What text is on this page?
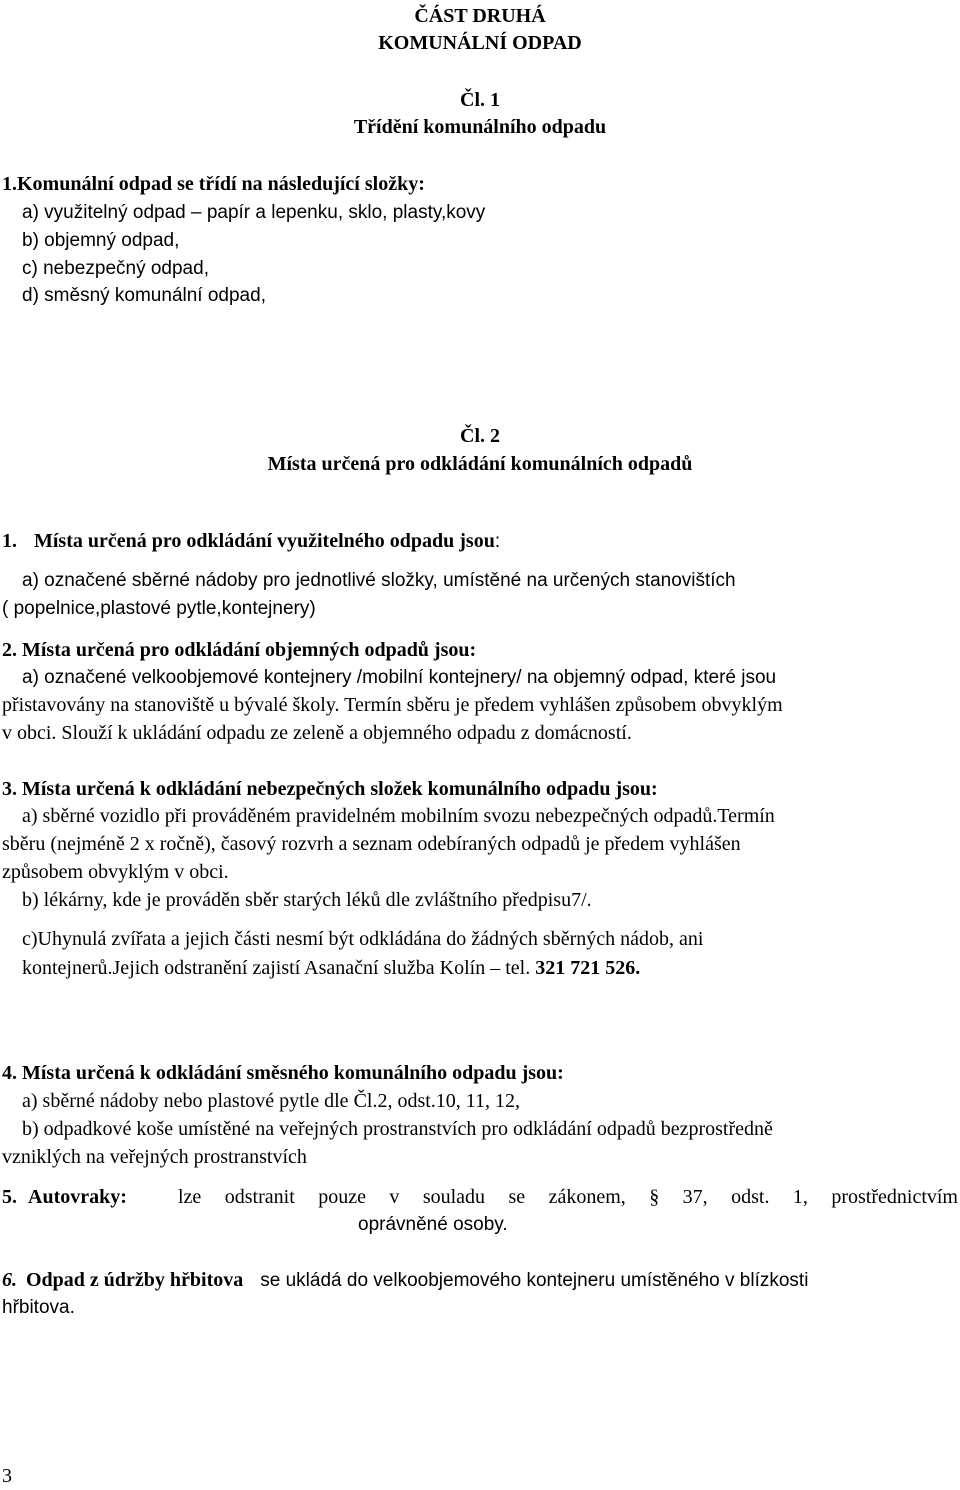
ČÁST DRUHÁ
KOMUNÁLNÍ ODPAD
Čl. 1
Třídění komunálního odpadu
1.Komunální odpad se třídí na následující složky:
a) využitelný odpad – papír a lepenku, sklo, plasty,kovy
b) objemný odpad,
c) nebezpečný odpad,
d) směsný komunální odpad,
Čl. 2
Místa určená pro odkládání komunálních odpadů
1. Místa určená pro odkládání využitelného odpadu jsou:
a) označené sběrné nádoby pro jednotlivé složky, umístěné na určených stanovištích
( popelnice,plastové pytle,kontejnery)
2. Místa určená pro odkládání objemných odpadů jsou:
a) označené velkoobjemové kontejnery /mobilní kontejnery/ na objemný odpad, které jsou
přistavovány na stanoviště u bývalé školy. Termín sběru je předem vyhlášen způsobem obvyklým
v obci. Slouží k ukládání odpadu ze zeleně a objemného odpadu z domácností.
3. Místa určená k odkládání nebezpečných složek komunálního odpadu jsou:
a) sběrné vozidlo při prováděném pravidelném mobilním svozu nebezpečných odpadů.Termín
sběru (nejméně 2 x ročně), časový rozvrh a seznam odebíraných odpadů je předem vyhlášen
způsobem obvyklým v obci.
b) lékárny, kde je prováděn sběr starých léků dle zvláštního předpisu7/.
c)Uhynulá zvířata a jejich části nesmí být odkládána do žádných sběrných nádob, ani
kontejnerů.Jejich odstranění zajistí Asanační služba Kolín – tel. 321 721 526.
4. Místa určená k odkládání směsného komunálního odpadu jsou:
a) sběrné nádoby nebo plastové pytle dle Čl.2, odst.10, 11, 12,
b) odpadkové koše umístěné na veřejných prostranstvích pro odkládání odpadů bezprostředně
vzniklých na veřejných prostranstvích
5. Autovraky:	lze odstranit pouze v souladu se zákonem, § 37, odst. 1, prostřednictvím
oprávněné osoby.
6. Odpad z údržby hřbitova se ukládá do velkoobjemového kontejneru umístěného v blízkosti
hřbitova.
3
